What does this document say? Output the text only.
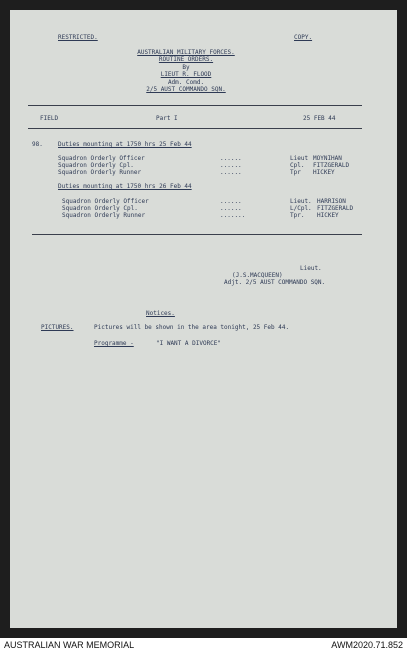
RESTRICTED.	COPY.
AUSTRALIAN MILITARY FORCES.
ROUTINE ORDERS.
By
LIEUT R. FLOOD
Adm. Comd.
2/5 AUST COMMANDO SQN.
FIELD	Part I	25 FEB 44
98.	Duties mounting at 1750 hrs 25 Feb 44
Squadron Orderly Officer	......	Lieut MOYNIHAN
Squadron Orderly Cpl.	......	Cpl. FITZGERALD
Squadron Orderly Runner	......	Tpr HICKEY
Duties mounting at 1750 hrs 26 Feb 44
Squadron Orderly Officer	......	Lieut. HARRISON
Squadron Orderly Cpl.	......	L/Cpl. FITZGERALD
Squadron Orderly Runner	.......	Tpr. HICKEY
Lieut.
(J.S.MACQUEEN)
Adjt. 2/5 AUST COMMANDO SQN.
Notices.
PICTURES.	Pictures will be shown in the area tonight, 25 Feb 44.
Programme -	"I WANT A DIVORCE"
AUSTRALIAN WAR MEMORIAL	AWM2020.71.852
